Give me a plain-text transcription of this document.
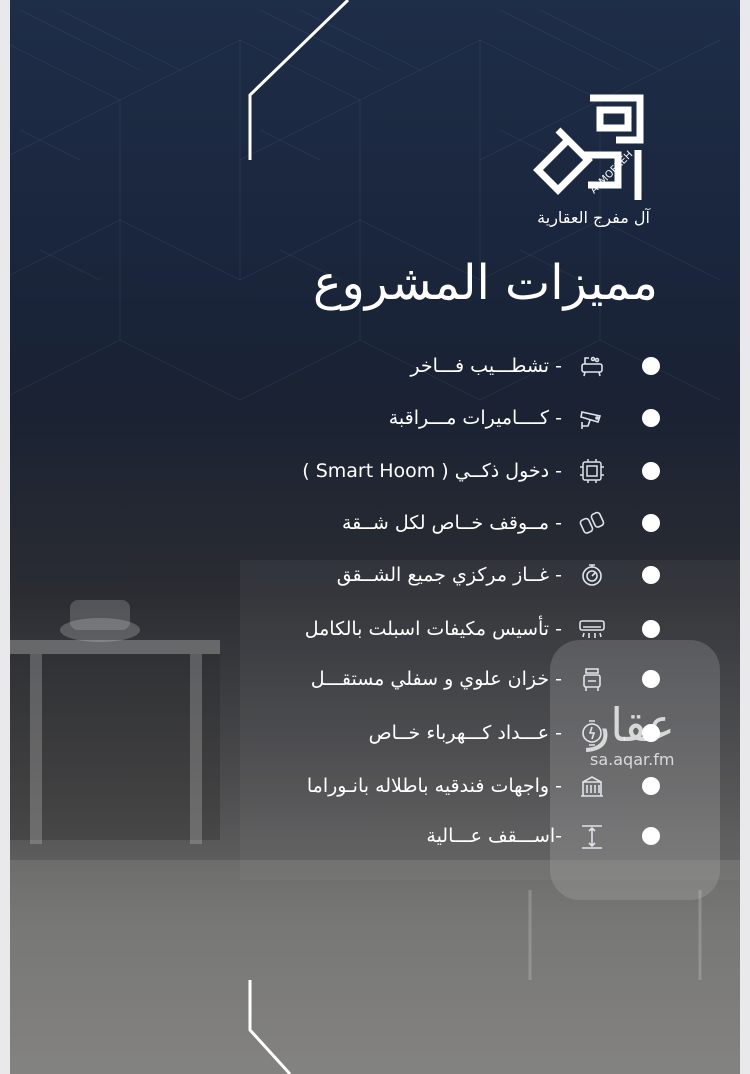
ALMOFREH
آل مفرج العقارية
مميزات المشروع
- تشطـــيب فـــاخر
- كــــاميرات مـــراقبة
- دخول ذكــي ( Smart Hoom )
- مــوقف خــاص لكل شــقة
- غــاز مركزي جميع الشــقق
- تأسيس مكيفات اسبلت بالكامل
- خزان علوي و سفلي مستقـــل
- عـــداد كـــهرباء خــاص
- واجهات فندقيه باطلاله بانـوراما
-اســـقف عـــالية
عقار
sa.aqar.fm
